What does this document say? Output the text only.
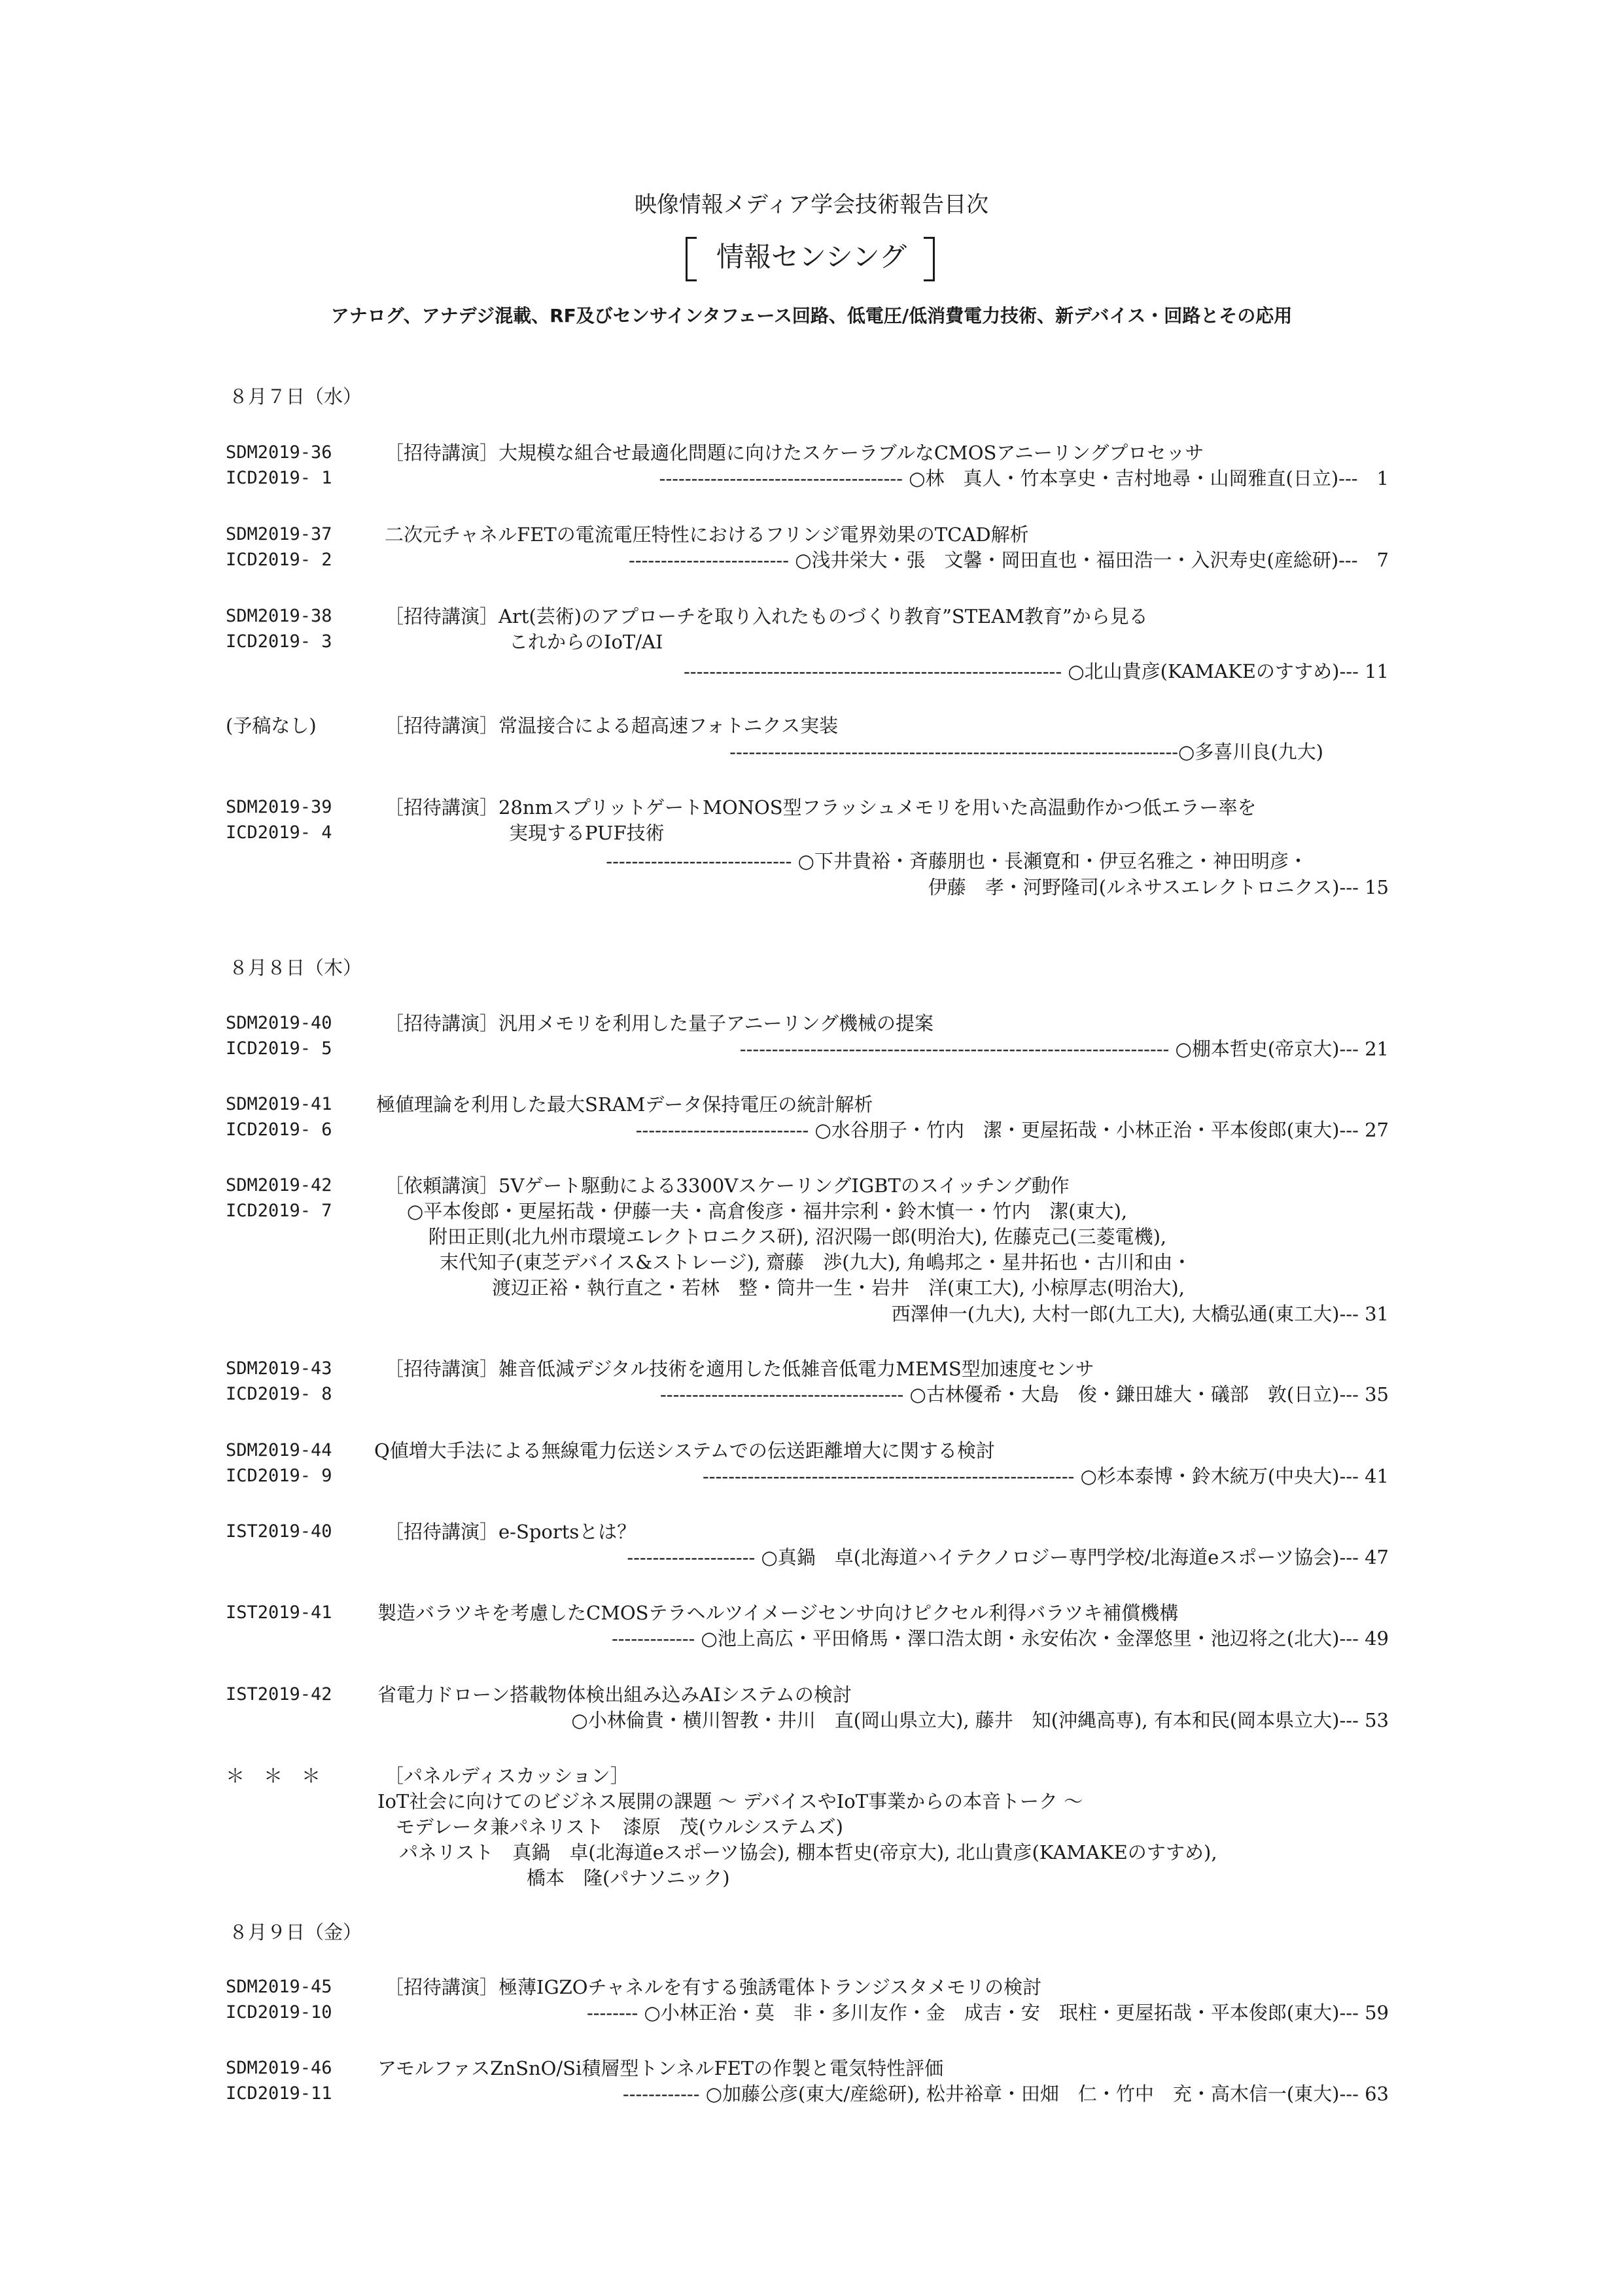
映像情報メディア学会技術報告目次
情報センシング
アナログ、アナデジ混載、RF及びセンサインタフェース回路、低電圧/低消費電力技術、新デバイス・回路とその応用
８月７日（水）
SDM2019-36
ICD2019- 1
［招待講演］大規模な組合せ最適化問題に向けたスケーラブルなCMOSアニーリングプロセッサ
-------------------------------------- ○林　真人・竹本享史・吉村地尋・山岡雅直(日立)---　1
SDM2019-37
ICD2019- 2
二次元チャネルFETの電流電圧特性におけるフリンジ電界効果のTCAD解析
------------------------- ○浅井栄大・張　文馨・岡田直也・福田浩一・入沢寿史(産総研)---　7
SDM2019-38
ICD2019- 3
［招待講演］Art(芸術)のアプローチを取り入れたものづくり教育”STEAM教育”から見る
これからのIoT/AI
----------------------------------------------------------- ○北山貴彦(KAMAKEのすすめ)--- 11
(予稿なし)	［招待講演］常温接合による超高速フォトニクス実装
----------------------------------------------------------------------○多喜川良(九大)
SDM2019-39
ICD2019- 4
［招待講演］28nmスプリットゲートMONOS型フラッシュメモリを用いた高温動作かつ低エラー率を
実現するPUF技術
----------------------------- ○下井貴裕・斉藤朋也・長瀬寛和・伊豆名雅之・神田明彦・
伊藤　孝・河野隆司(ルネサスエレクトロニクス)--- 15
８月８日（木）
SDM2019-40
ICD2019- 5
［招待講演］汎用メモリを利用した量子アニーリング機械の提案
------------------------------------------------------------------- ○棚本哲史(帝京大)--- 21
SDM2019-41
ICD2019- 6
極値理論を利用した最大SRAMデータ保持電圧の統計解析
--------------------------- ○水谷朋子・竹内　潔・更屋拓哉・小林正治・平本俊郎(東大)--- 27
SDM2019-42
ICD2019- 7
［依頼講演］5Vゲート駆動による3300VスケーリングIGBTのスイッチング動作
○平本俊郎・更屋拓哉・伊藤一夫・高倉俊彦・福井宗利・鈴木慎一・竹内　潔(東大),
附田正則(北九州市環境エレクトロニクス研), 沼沢陽一郎(明治大), 佐藤克己(三菱電機),
末代知子(東芝デバイス&ストレージ), 齋藤　渉(九大), 角嶋邦之・星井拓也・古川和由・
渡辺正裕・執行直之・若林　整・筒井一生・岩井　洋(東工大), 小椋厚志(明治大),
西澤伸一(九大), 大村一郎(九工大), 大橋弘通(東工大)--- 31
SDM2019-43
ICD2019- 8
［招待講演］雑音低減デジタル技術を適用した低雑音低電力MEMS型加速度センサ
-------------------------------------- ○古林優希・大島　俊・鎌田雄大・礒部　敦(日立)--- 35
SDM2019-44
ICD2019- 9
Q値増大手法による無線電力伝送システムでの伝送距離増大に関する検討
---------------------------------------------------------- ○杉本泰博・鈴木統万(中央大)--- 41
IST2019-40	［招待講演］e-Sportsとは？
-------------------- ○真鍋　卓(北海道ハイテクノロジー専門学校/北海道eスポーツ協会)--- 47
IST2019-41 製造バラツキを考慮したCMOSテラヘルツイメージセンサ向けピクセル利得バラツキ補償機構
------------- ○池上高広・平田脩馬・澤口浩太朗・永安佑次・金澤悠里・池辺将之(北大)--- 49
IST2019-42 省電力ドローン搭載物体検出組み込みAIシステムの検討
○小林倫貴・横川智教・井川　直(岡山県立大), 藤井　知(沖縄高専), 有本和民(岡本県立大)--- 53
＊　＊　＊	［パネルディスカッション］
IoT社会に向けてのビジネス展開の課題 ～ デバイスやIoT事業からの本音トーク ～
モデレータ兼パネリスト　漆原　茂(ウルシステムズ)
パネリスト　真鍋　卓(北海道eスポーツ協会), 棚本哲史(帝京大), 北山貴彦(KAMAKEのすすめ),
橋本　隆(パナソニック)
８月９日（金）
SDM2019-45
ICD2019-10
［招待講演］極薄IGZOチャネルを有する強誘電体トランジスタメモリの検討
-------- ○小林正治・莫　非・多川友作・金　成吉・安　珉柱・更屋拓哉・平本俊郎(東大)--- 59
SDM2019-46
ICD2019-11
アモルファスZnSnO/Si積層型トンネルFETの作製と電気特性評価
------------ ○加藤公彦(東大/産総研), 松井裕章・田畑　仁・竹中　充・高木信一(東大)--- 63
